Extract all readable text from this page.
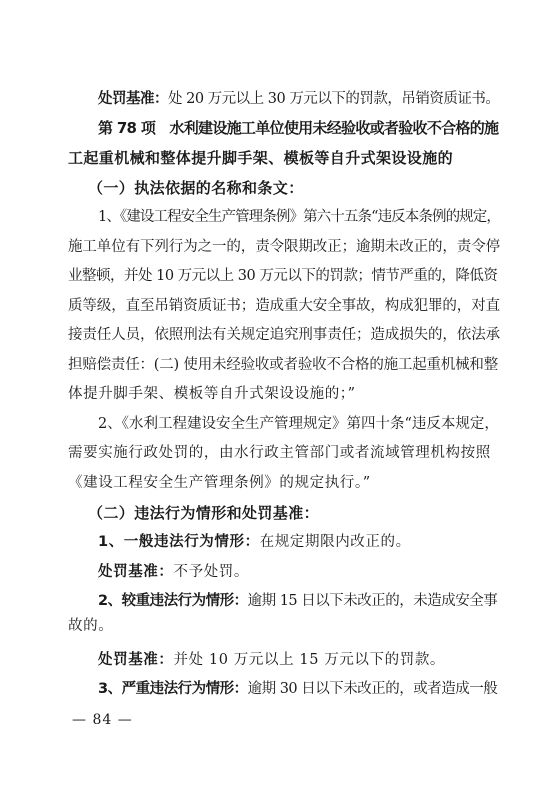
处罚基准：处 20 万元以上 30 万元以下的罚款，吊销资质证书。
第 78 项　水利建设施工单位使用未经验收或者验收不合格的施
工起重机械和整体提升脚手架、模板等自升式架设设施的
（一）执法依据的名称和条文：
1、《建设工程安全生产管理条例》第六十五条“违反本条例的规定，
施工单位有下列行为之一的，责令限期改正；逾期未改正的，责令停
业整顿，并处 10 万元以上 30 万元以下的罚款；情节严重的，降低资
质等级，直至吊销资质证书；造成重大安全事故，构成犯罪的，对直
接责任人员，依照刑法有关规定追究刑事责任；造成损失的，依法承
担赔偿责任：(二) 使用未经验收或者验收不合格的施工起重机械和整
体提升脚手架、模板等自升式架设设施的；”
2、《水利工程建设安全生产管理规定》第四十条“违反本规定，
需要实施行政处罚的，由水行政主管部门或者流域管理机构按照
《建设工程安全生产管理条例》的规定执行。”
（二）违法行为情形和处罚基准：
1、一般违法行为情形：在规定期限内改正的。
处罚基准：不予处罚。
2、较重违法行为情形：逾期 15 日以下未改正的，未造成安全事
故的。
处罚基准：并处 10 万元以上 15 万元以下的罚款。
3、严重违法行为情形：逾期 30 日以下未改正的，或者造成一般
— 84 —
